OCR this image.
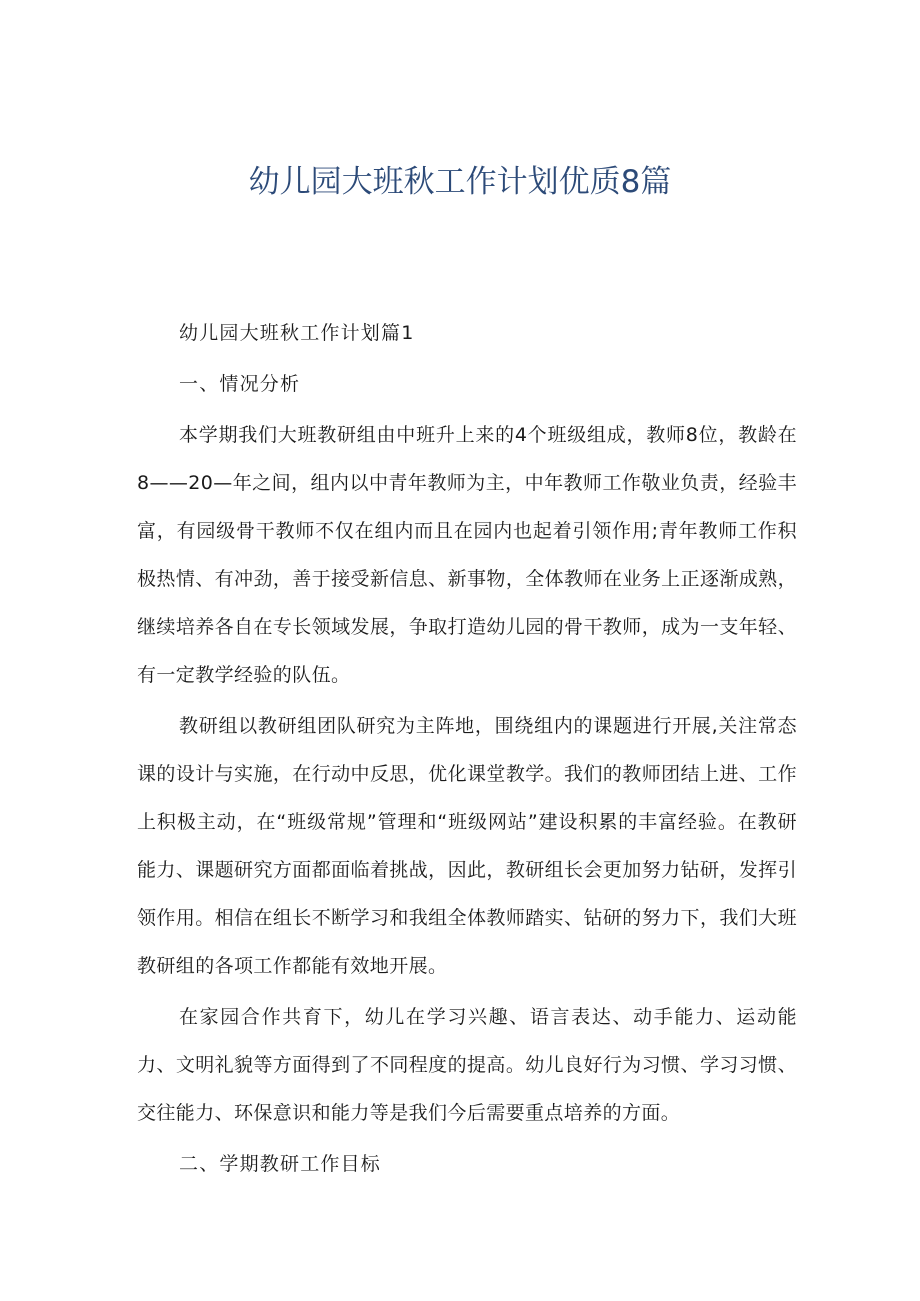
幼儿园大班秋工作计划优质8篇

幼儿园大班秋工作计划篇1

一、情况分析

本学期我们大班教研组由中班升上来的4个班级组成，教师8位，教龄在8——20—年之间，组内以中青年教师为主，中年教师工作敬业负责，经验丰富，有园级骨干教师不仅在组内而且在园内也起着引领作用;青年教师工作积极热情、有冲劲，善于接受新信息、新事物，全体教师在业务上正逐渐成熟，继续培养各自在专长领域发展，争取打造幼儿园的骨干教师，成为一支年轻、有一定教学经验的队伍。

教研组以教研组团队研究为主阵地，围绕组内的课题进行开展,关注常态课的设计与实施，在行动中反思，优化课堂教学。我们的教师团结上进、工作上积极主动，在“班级常规”管理和“班级网站”建设积累的丰富经验。在教研能力、课题研究方面都面临着挑战，因此，教研组长会更加努力钻研，发挥引领作用。相信在组长不断学习和我组全体教师踏实、钻研的努力下，我们大班教研组的各项工作都能有效地开展。

在家园合作共育下，幼儿在学习兴趣、语言表达、动手能力、运动能力、文明礼貌等方面得到了不同程度的提高。幼儿良好行为习惯、学习习惯、交往能力、环保意识和能力等是我们今后需要重点培养的方面。

二、学期教研工作目标
